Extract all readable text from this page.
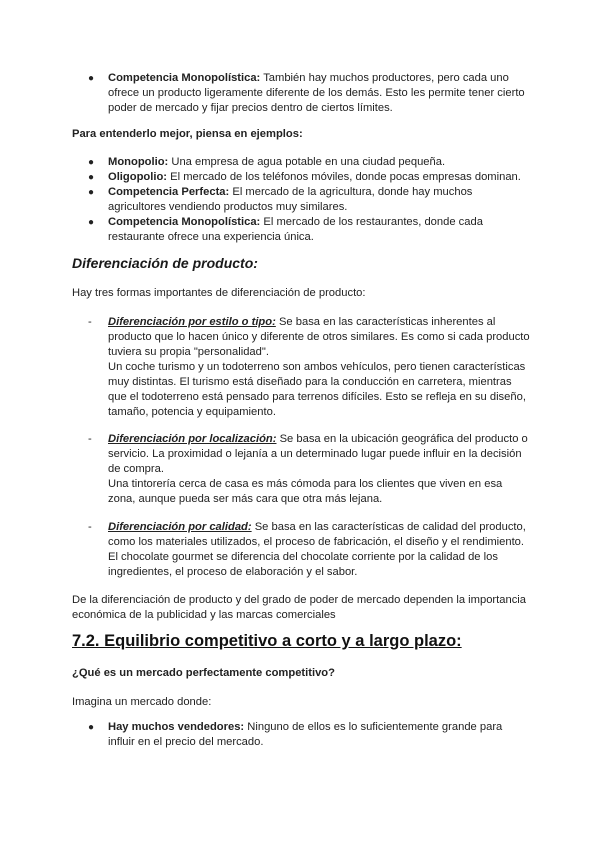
● Competencia Monopolística: También hay muchos productores, pero cada uno ofrece un producto ligeramente diferente de los demás. Esto les permite tener cierto poder de mercado y fijar precios dentro de ciertos límites.

Para entenderlo mejor, piensa en ejemplos:

● Monopolio: Una empresa de agua potable en una ciudad pequeña.
● Oligopolio: El mercado de los teléfonos móviles, donde pocas empresas dominan.
● Competencia Perfecta: El mercado de la agricultura, donde hay muchos agricultores vendiendo productos muy similares.
● Competencia Monopolística: El mercado de los restaurantes, donde cada restaurante ofrece una experiencia única.

Diferenciación de producto:

Hay tres formas importantes de diferenciación de producto:

- Diferenciación por estilo o tipo: Se basa en las características inherentes al producto que lo hacen único y diferente de otros similares. Es como si cada producto tuviera su propia "personalidad".

Un coche turismo y un todoterreno son ambos vehículos, pero tienen características muy distintas. El turismo está diseñado para la conducción en carretera, mientras que el todoterreno está pensado para terrenos difíciles. Esto se refleja en su diseño, tamaño, potencia y equipamiento.

- Diferenciación por localización: Se basa en la ubicación geográfica del producto o servicio. La proximidad o lejanía a un determinado lugar puede influir en la decisión de compra.

Una tintorería cerca de casa es más cómoda para los clientes que viven en esa zona, aunque pueda ser más cara que otra más lejana.

- Diferenciación por calidad: Se basa en las características de calidad del producto, como los materiales utilizados, el proceso de fabricación, el diseño y el rendimiento.

El chocolate gourmet se diferencia del chocolate corriente por la calidad de los ingredientes, el proceso de elaboración y el sabor.

De la diferenciación de producto y del grado de poder de mercado dependen la importancia económica de la publicidad y las marcas comerciales

7.2. Equilibrio competitivo a corto y a largo plazo:

¿Qué es un mercado perfectamente competitivo?

Imagina un mercado donde:

● Hay muchos vendedores: Ninguno de ellos es lo suficientemente grande para influir en el precio del mercado.
